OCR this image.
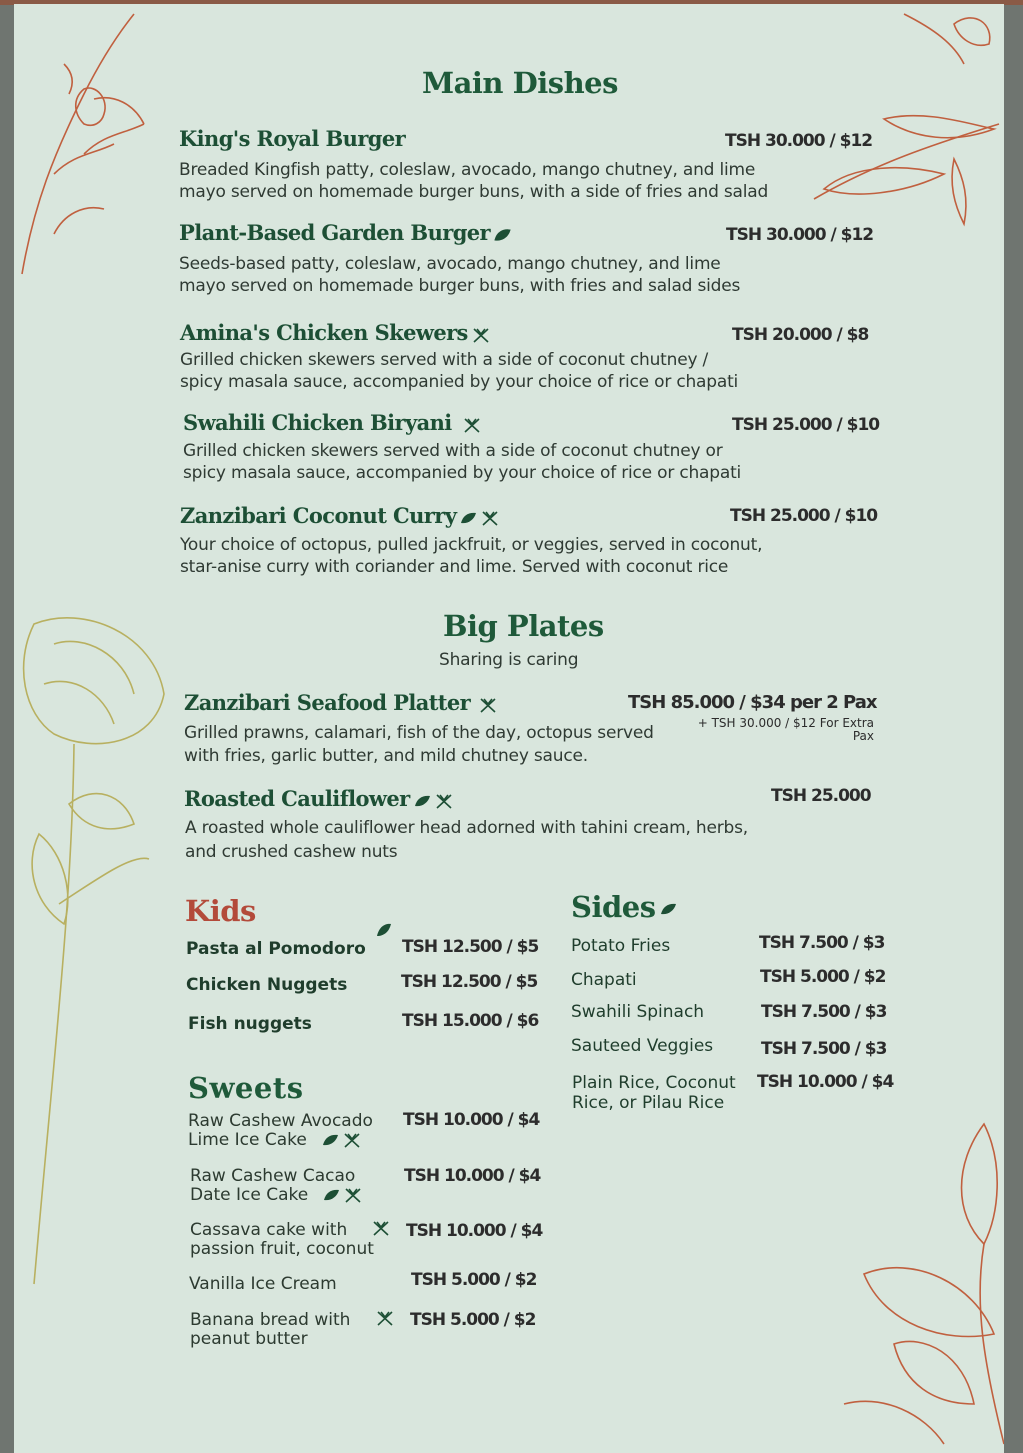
Main Dishes
King's Royal Burger	TSH 30.000 / $12
Breaded Kingfish patty, coleslaw, avocado, mango chutney, and lime
mayo served on homemade burger buns, with a side of fries and salad
Plant-Based Garden Burger	TSH 30.000 / $12
Seeds-based patty, coleslaw, avocado, mango chutney, and lime
mayo served on homemade burger buns, with fries and salad sides
Amina's Chicken Skewers	TSH 20.000 / $8
Grilled chicken skewers served with a side of coconut chutney /
spicy masala sauce, accompanied by your choice of rice or chapati
Swahili Chicken Biryani	TSH 25.000 / $10
Grilled chicken skewers served with a side of coconut chutney or
spicy masala sauce, accompanied by your choice of rice or chapati
Zanzibari Coconut Curry	TSH 25.000 / $10
Your choice of octopus, pulled jackfruit, or veggies, served in coconut,
star-anise curry with coriander and lime. Served with coconut rice
Big Plates
Sharing is caring
Zanzibari Seafood Platter	TSH 85.000 / $34 per 2 Pax
+ TSH 30.000 / $12 For Extra
Pax
Grilled prawns, calamari, fish of the day, octopus served
with fries, garlic butter, and mild chutney sauce.
Roasted Cauliflower	TSH 25.000
A roasted whole cauliflower head adorned with tahini cream, herbs,
and crushed cashew nuts
Kids
Pasta al Pomodoro TSH 12.500 / $5
Chicken Nuggets	TSH 12.500 / $5
Fish nuggets	TSH 15.000 / $6
Sides
Potato Fries	TSH 7.500 / $3
Chapati	TSH 5.000 / $2
Swahili Spinach	TSH 7.500 / $3
Sauteed Veggies	TSH 7.500 / $3
Plain Rice, Coconut
Rice, or Pilau Rice
TSH 10.000 / $4
Sweets
Raw Cashew Avocado
Lime Ice Cake
TSH 10.000 / $4
Raw Cashew Cacao
Date Ice Cake
TSH 10.000 / $4
Cassava cake with
passion fruit, coconut
TSH 10.000 / $4
Vanilla Ice Cream	TSH 5.000 / $2
Banana bread with
peanut butter
TSH 5.000 / $2
